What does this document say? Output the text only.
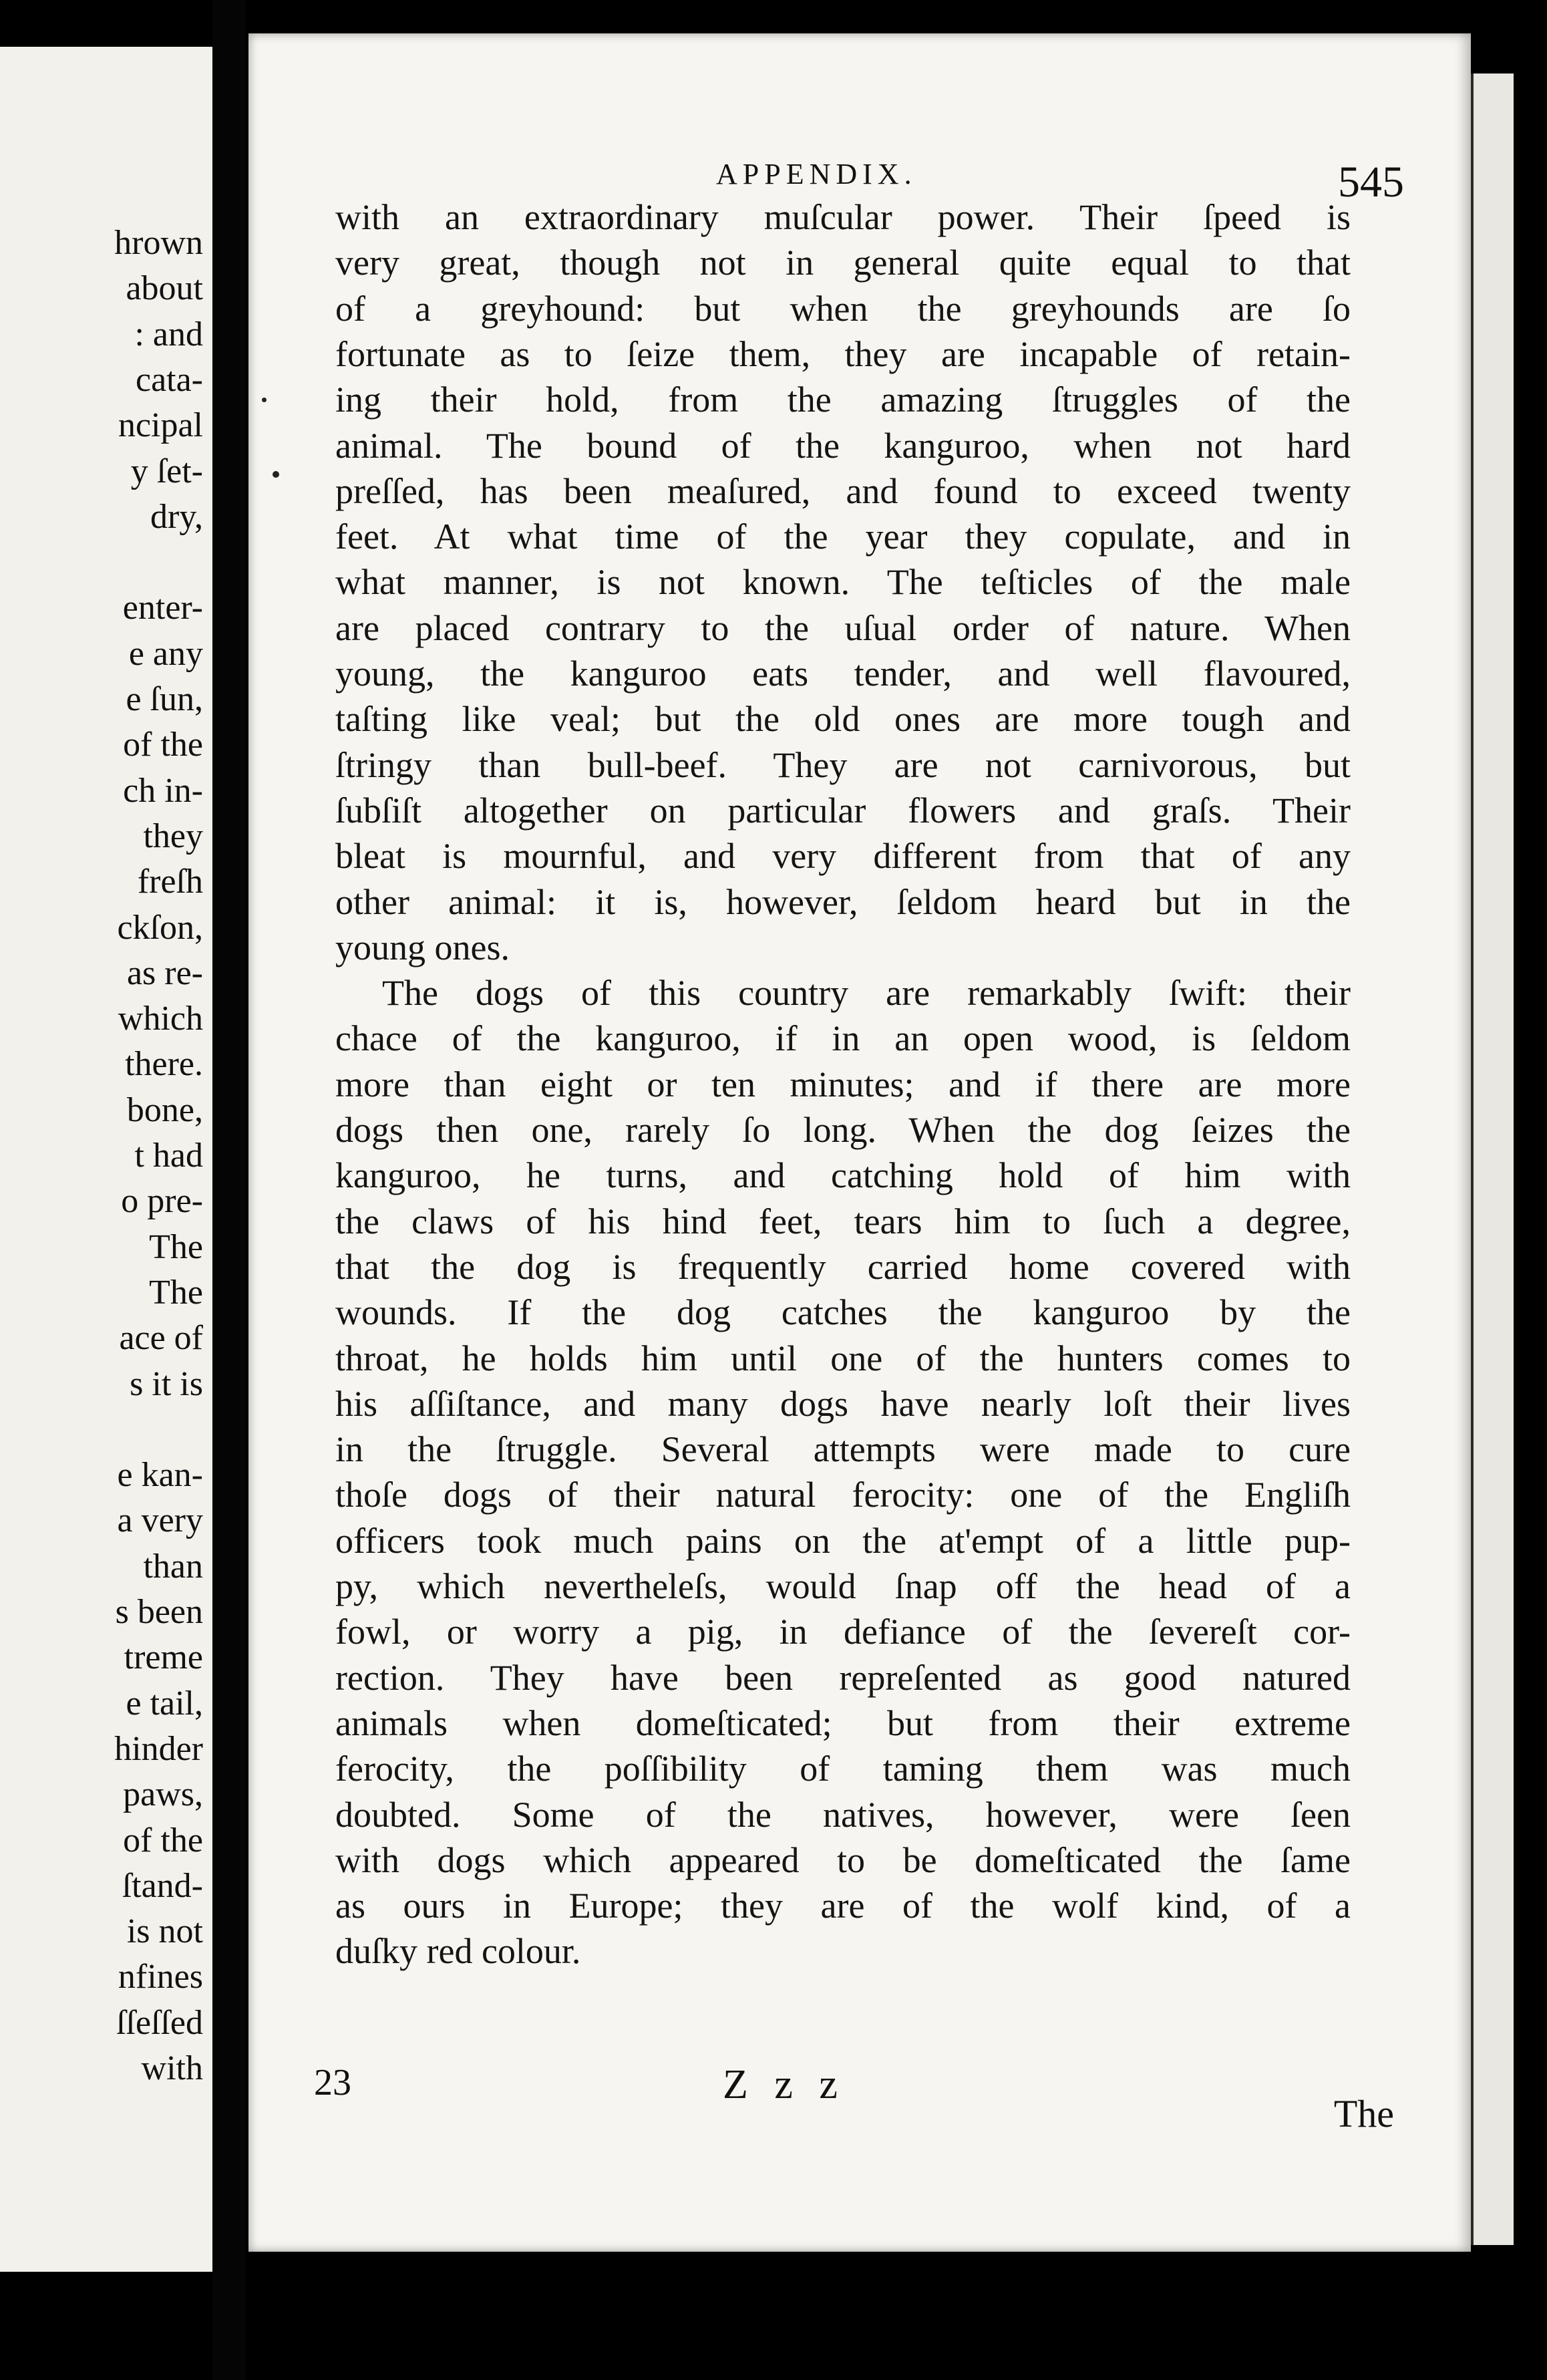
hrown
about
: and
cata-
ncipal
y ſet-
dry,
enter-
e any
e ſun,
of the
ch in-
they
freſh
ckſon,
as re-
which
there.
bone,
t had
o pre-
The
The
ace of
s it is
e kan-
a very
than
s been
treme
e tail,
hinder
paws,
of the
ſtand-
is not
nfines
ſſeſſed
with
APPENDIX.	545
23	Z z z
The
with an extraordinary muſcular power. Their ſpeed is
very great, though not in general quite equal to that
of a greyhound: but when the greyhounds are ſo
fortunate as to ſeize them, they are incapable of retain-
ing their hold, from the amazing ſtruggles of the
animal. The bound of the kanguroo, when not hard
preſſed, has been meaſured, and found to exceed twenty
feet. At what time of the year they copulate, and in
what manner, is not known. The teſticles of the male
are placed contrary to the uſual order of nature. When
young, the kanguroo eats tender, and well flavoured,
taſting like veal; but the old ones are more tough and
ſtringy than bull-beef. They are not carnivorous, but
ſubſiſt altogether on particular flowers and graſs. Their
bleat is mournful, and very different from that of any
other animal: it is, however, ſeldom heard but in the
young ones.
The dogs of this country are remarkably ſwift: their
chace of the kanguroo, if in an open wood, is ſeldom
more than eight or ten minutes; and if there are more
dogs then one, rarely ſo long. When the dog ſeizes the
kanguroo, he turns, and catching hold of him with
the claws of his hind feet, tears him to ſuch a degree,
that the dog is frequently carried home covered with
wounds. If the dog catches the kanguroo by the
throat, he holds him until one of the hunters comes to
his aſſiſtance, and many dogs have nearly loſt their lives
in the ſtruggle. Several attempts were made to cure
thoſe dogs of their natural ferocity: one of the Engliſh
officers took much pains on the at'empt of a little pup-
py, which nevertheleſs, would ſnap off the head of a
fowl, or worry a pig, in defiance of the ſevereſt cor-
rection. They have been repreſented as good natured
animals when domeſticated; but from their extreme
ferocity, the poſſibility of taming them was much
doubted. Some of the natives, however, were ſeen
with dogs which appeared to be domeſticated the ſame
as ours in Europe; they are of the wolf kind, of a
duſky red colour.
